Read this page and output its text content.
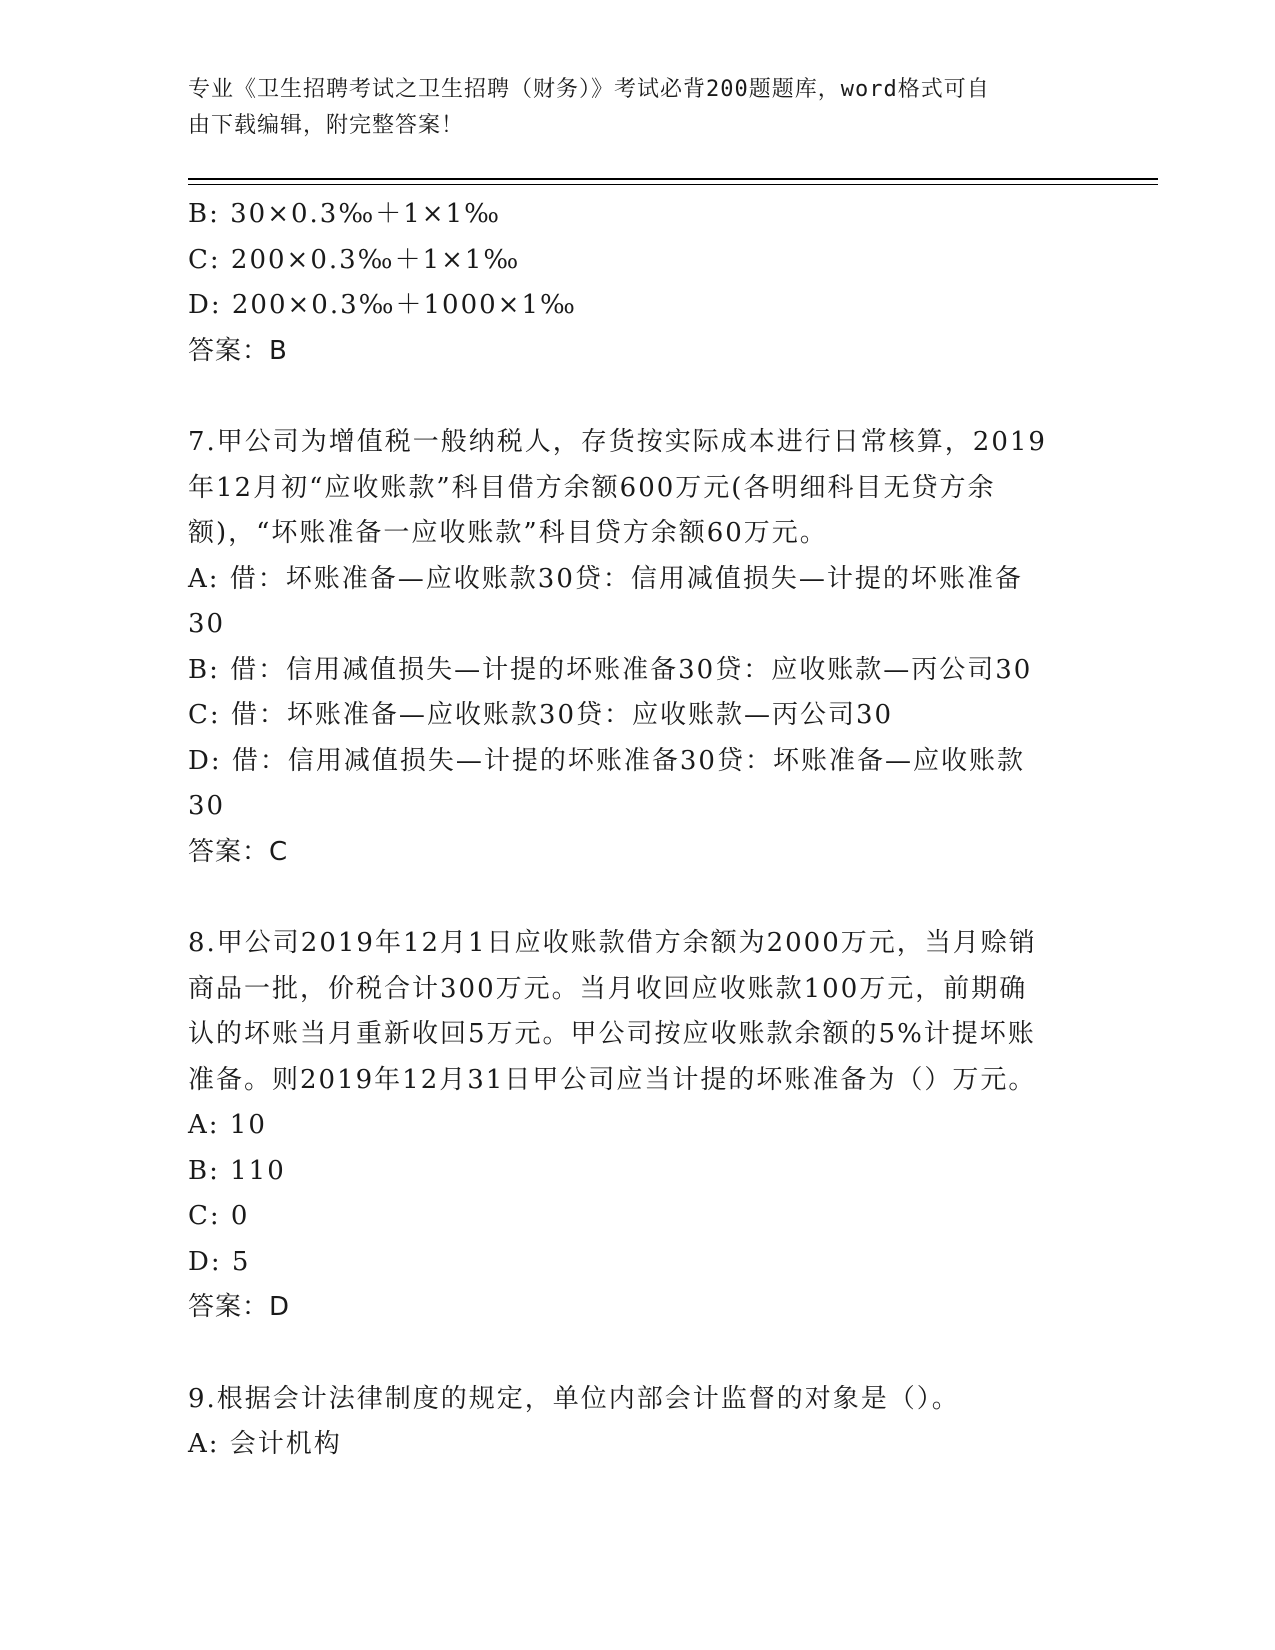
专业《卫生招聘考试之卫生招聘（财务）》考试必背200题题库，word格式可自
由下载编辑，附完整答案！
B: 30×0.3‰＋1×1‰
C: 200×0.3‰＋1×1‰
D: 200×0.3‰＋1000×1‰
答案：B
7.甲公司为增值税一般纳税人，存货按实际成本进行日常核算，2019
年12月初“应收账款”科目借方余额600万元(各明细科目无贷方余
额)，“坏账准备一应收账款”科目贷方余额60万元。
A: 借：坏账准备—应收账款30贷：信用减值损失—计提的坏账准备
30
B: 借：信用减值损失—计提的坏账准备30贷：应收账款—丙公司30
C: 借：坏账准备—应收账款30贷：应收账款—丙公司30
D: 借：信用减值损失—计提的坏账准备30贷：坏账准备—应收账款
30
答案：C
8.甲公司2019年12月1日应收账款借方余额为2000万元，当月赊销
商品一批，价税合计300万元。当月收回应收账款100万元，前期确
认的坏账当月重新收回5万元。甲公司按应收账款余额的5%计提坏账
准备。则2019年12月31日甲公司应当计提的坏账准备为（）万元。
A: 10
B: 110
C: 0
D: 5
答案：D
9.根据会计法律制度的规定，单位内部会计监督的对象是（）。
A: 会计机构
